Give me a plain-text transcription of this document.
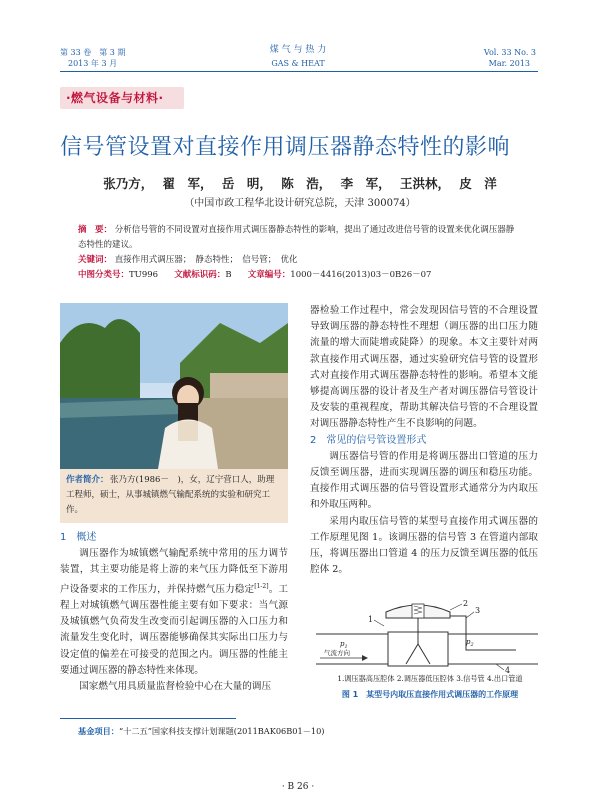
第 33 卷　第 3 期
2013 年 3 月
煤 气 与 热 力
GAS & HEAT
Vol. 33 No. 3
Mar. 2013
·燃气设备与材料·
信号管设置对直接作用调压器静态特性的影响
张乃方， 翟　军， 岳　明， 陈　浩， 李　军， 王洪林， 皮　洋
（中国市政工程华北设计研究总院，天津 300074）
摘　要： 分析信号管的不同设置对直接作用式调压器静态特性的影响，提出了通过改进信号管的设置来优化调压器静态特性的建议。
关键词： 直接作用式调压器；　静态特性；　信号管；　优化
中图分类号：TU996 文献标识码：B 文章编号：1000－4416(2013)03－0B26－07
作者简介： 张乃方(1986－　)，女，辽宁营口人，助理工程师，硕士，从事城镇燃气输配系统的实验和研究工作。
1　概述

调压器作为城镇燃气输配系统中常用的压力调节装置，其主要功能是将上游的来气压力降低至下游用户设备要求的工作压力，并保持燃气压力稳定[1-2]。工程上对城镇燃气调压器性能主要有如下要求：当气源及城镇燃气负荷发生改变而引起调压器的入口压力和流量发生变化时，调压器能够确保其实际出口压力与设定值的偏差在可接受的范围之内。调压器的性能主要通过调压器的静态特性来体现。

国家燃气用具质量监督检验中心在大量的调压

器检验工作过程中，常会发现因信号管的不合理设置导致调压器的静态特性不理想（调压器的出口压力随流量的增大而陡增或陡降）的现象。本文主要针对两款直接作用式调压器，通过实验研究信号管的设置形式对直接作用式调压器静态特性的影响。希望本文能够提高调压器的设计者及生产者对调压器信号管设计及安装的重视程度，帮助其解决信号管的不合理设置对调压器静态特性产生不良影响的问题。

2　常见的信号管设置形式

调压器信号管的作用是将调压器出口管道的压力反馈至调压器，进而实现调压器的调压和稳压功能。直接作用式调压器的信号管设置形式通常分为内取压和外取压两种。

采用内取压信号管的某型号直接作用式调压器的工作原理见图 1。该调压器的信号管 3 在管道内部取压，将调压器出口管道 4 的压力反馈至调压器的低压腔体 2。

1
2
3
4
$p_1$
$p_2$
气流方向
1.调压器高压腔体 2.调压器低压腔体 3.信号管 4.出口管道
图 1　某型号内取压直接作用式调压器的工作原理
基金项目：“十二五”国家科技支撑计划课题(2011BAK06B01－10)
· B 26 ·
